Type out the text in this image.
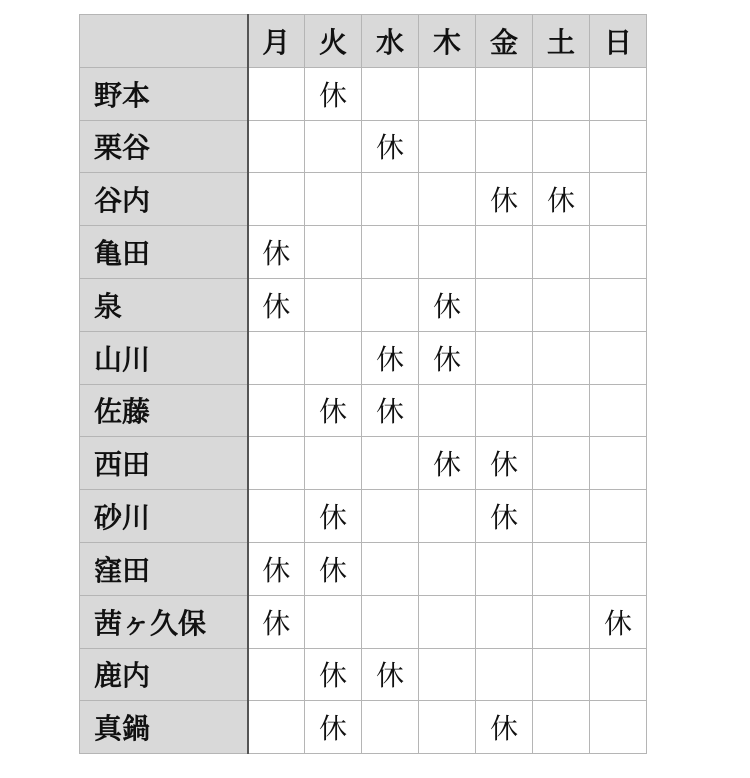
	月	火	水	木	金	土	日
野本		休					
栗谷			休				
谷内					休	休	
亀田	休						
泉	休			休			
山川			休	休			
佐藤		休	休				
西田				休	休		
砂川		休			休		
窪田	休	休					
茜ヶ久保	休						休
鹿内		休	休				
真鍋		休			休		
